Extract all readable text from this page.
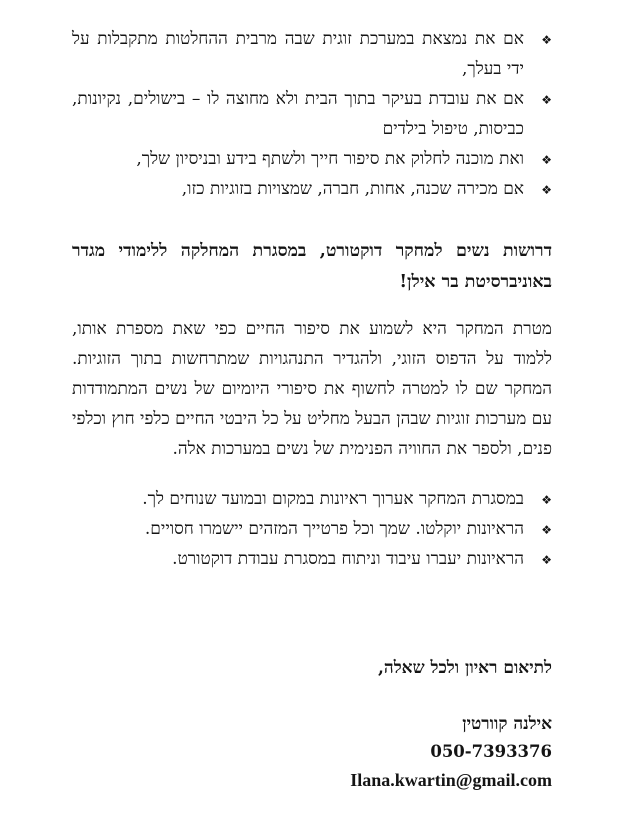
❖
אם את נמצאת במערכת זוגית שבה מרבית ההחלטות מתקבלות על ידי בעלך,
❖
אם את עובדת בעיקר בתוך הבית ולא מחוצה לו – בישולים, נקיונות, כביסות, טיפול בילדים
❖
ואת מוכנה לחלוק את סיפור חייך ולשתף בידע ובניסיון שלך,
❖
אם מכירה שכנה, אחות, חברה, שמצויות בזוגיות כזו,

דרושות נשים למחקר דוקטורט, במסגרת המחלקה ללימודי מגדר באוניברסיטת בר אילן!

מטרת המחקר היא לשמוע את סיפור החיים כפי שאת מספרת אותו, ללמוד על הדפוס הזוגי, ולהגדיר התנהגויות שמתרחשות בתוך הזוגיות. המחקר שם לו למטרה לחשוף את סיפורי היומיום של נשים המתמודדות עם מערכות זוגיות שבהן הבעל מחליט על כל היבטי החיים כלפי חוץ וכלפי פנים, ולספר את החוויה הפנימית של נשים במערכות אלה.

❖
במסגרת המחקר אערוך ראיונות במקום ובמועד שנוחים לך.
❖
הראיונות יוקלטו. שמך וכל פרטייך המזהים יישמרו חסויים.
❖
הראיונות יעברו עיבוד וניתוח במסגרת עבודת דוקטורט.

לתיאום ראיון ולכל שאלה,

אילנה קוורטין
050-7393376
Ilana.kwartin@gmail.com
